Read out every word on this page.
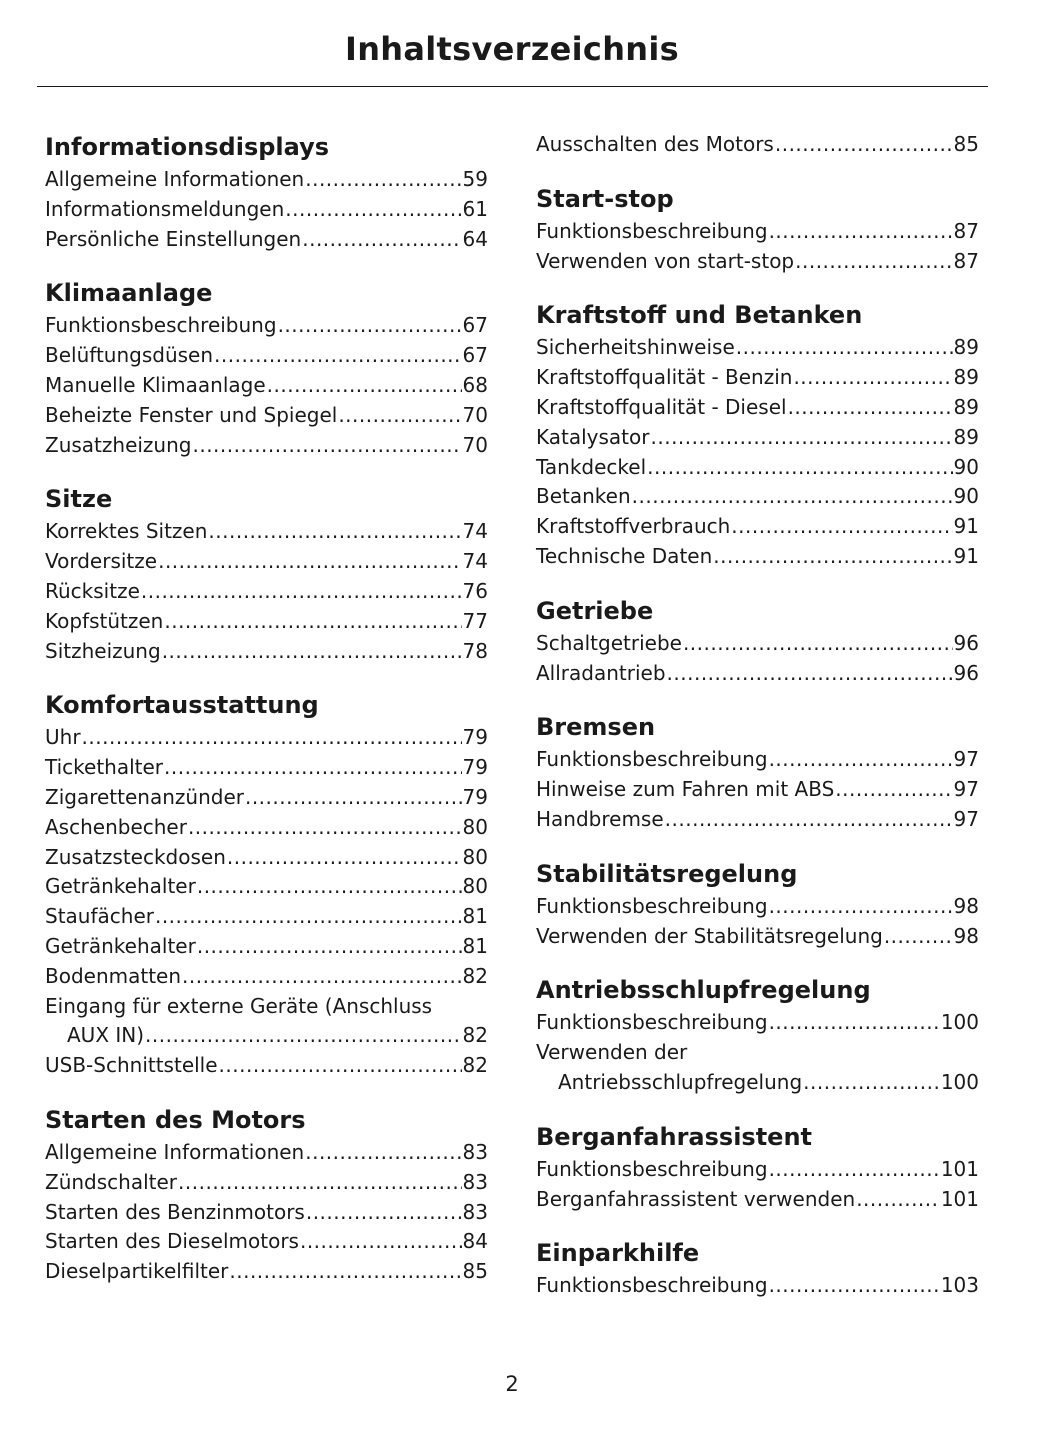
Inhaltsverzeichnis
Informationsdisplays
Allgemeine Informationen .....	59
Informationsmeldungen .....	61
Persönliche Einstellungen .....	64
Klimaanlage
Funktionsbeschreibung .....	67
Belüftungsdüsen .....	67
Manuelle Klimaanlage .....	68
Beheizte Fenster und Spiegel .....	70
Zusatzheizung .....	70
Sitze
Korrektes Sitzen .....	74
Vordersitze .....	74
Rücksitze .....	76
Kopfstützen .....	77
Sitzheizung .....	78
Komfortausstattung
Uhr .....	79
Tickethalter .....	79
Zigarettenanzünder .....	79
Aschenbecher .....	80
Zusatzsteckdosen .....	80
Getränkehalter .....	80
Staufächer .....	81
Getränkehalter .....	81
Bodenmatten .....	82
Eingang für externe Geräte (Anschluss
AUX IN) .....	82
USB-Schnittstelle .....	82
Starten des Motors
Allgemeine Informationen .....	83
Zündschalter .....	83
Starten des Benzinmotors .....	83
Starten des Dieselmotors .....	84
Dieselpartikelfilter .....	85
Ausschalten des Motors .....	85
Start-stop
Funktionsbeschreibung .....	87
Verwenden von start-stop .....	87
Kraftstoff und Betanken
Sicherheitshinweise .....	89
Kraftstoffqualität - Benzin .....	89
Kraftstoffqualität - Diesel .....	89
Katalysator .....	89
Tankdeckel .....	90
Betanken .....	90
Kraftstoffverbrauch .....	91
Technische Daten .....	91
Getriebe
Schaltgetriebe .....	96
Allradantrieb .....	96
Bremsen
Funktionsbeschreibung .....	97
Hinweise zum Fahren mit ABS .....	97
Handbremse .....	97
Stabilitätsregelung
Funktionsbeschreibung .....	98
Verwenden der Stabilitätsregelung .....	98
Antriebsschlupfregelung
Funktionsbeschreibung .....	100
Verwenden der
Antriebsschlupfregelung .....	100
Berganfahrassistent
Funktionsbeschreibung .....	101
Berganfahrassistent verwenden .....	101
Einparkhilfe
Funktionsbeschreibung .....	103
2
